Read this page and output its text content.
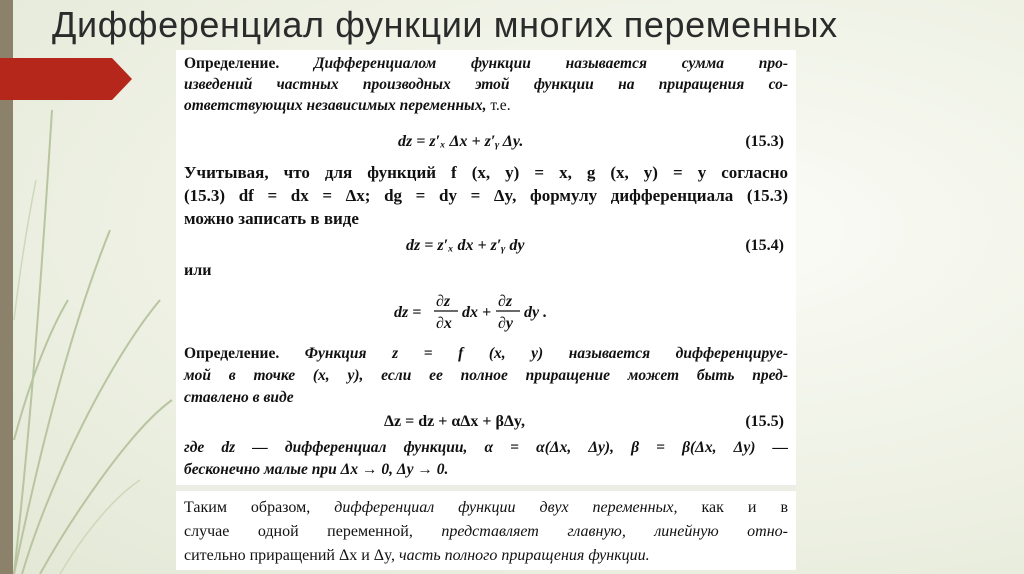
Дифференциал функции многих переменных

Определение. Дифференциалом функции называется сумма про-

изведений частных производных этой функции на приращения со-

ответствующих независимых переменных, т.е.

dz = z′ₓ Δx + z′ᵧ Δy.	(15.3)

Учитывая, что для функций f (x, y) = x, g (x, y) = y согласно

(15.3) df = dx = Δx; dg = dy = Δy, формулу дифференциала (15.3)

можно записать в виде

dz = z′ₓ dx + z′ᵧ dy	(15.4)
или
dz =
∂z
∂x
dx +
∂z
∂y
dy .

Определение. Функция z = f (x, y) называется дифференцируе-

мой в точке (x, y), если ее полное приращение может быть пред-

ставлено в виде

Δz = dz + αΔx + βΔy,	(15.5)

где dz — дифференциал функции, α = α(Δx, Δy), β = β(Δx, Δy) —

бесконечно малые при Δx → 0, Δy → 0.

Таким образом, дифференциал функции двух переменных, как и в

случае одной переменной, представляет главную, линейную отно-

сительно приращений Δx и Δy, часть полного приращения функции.
